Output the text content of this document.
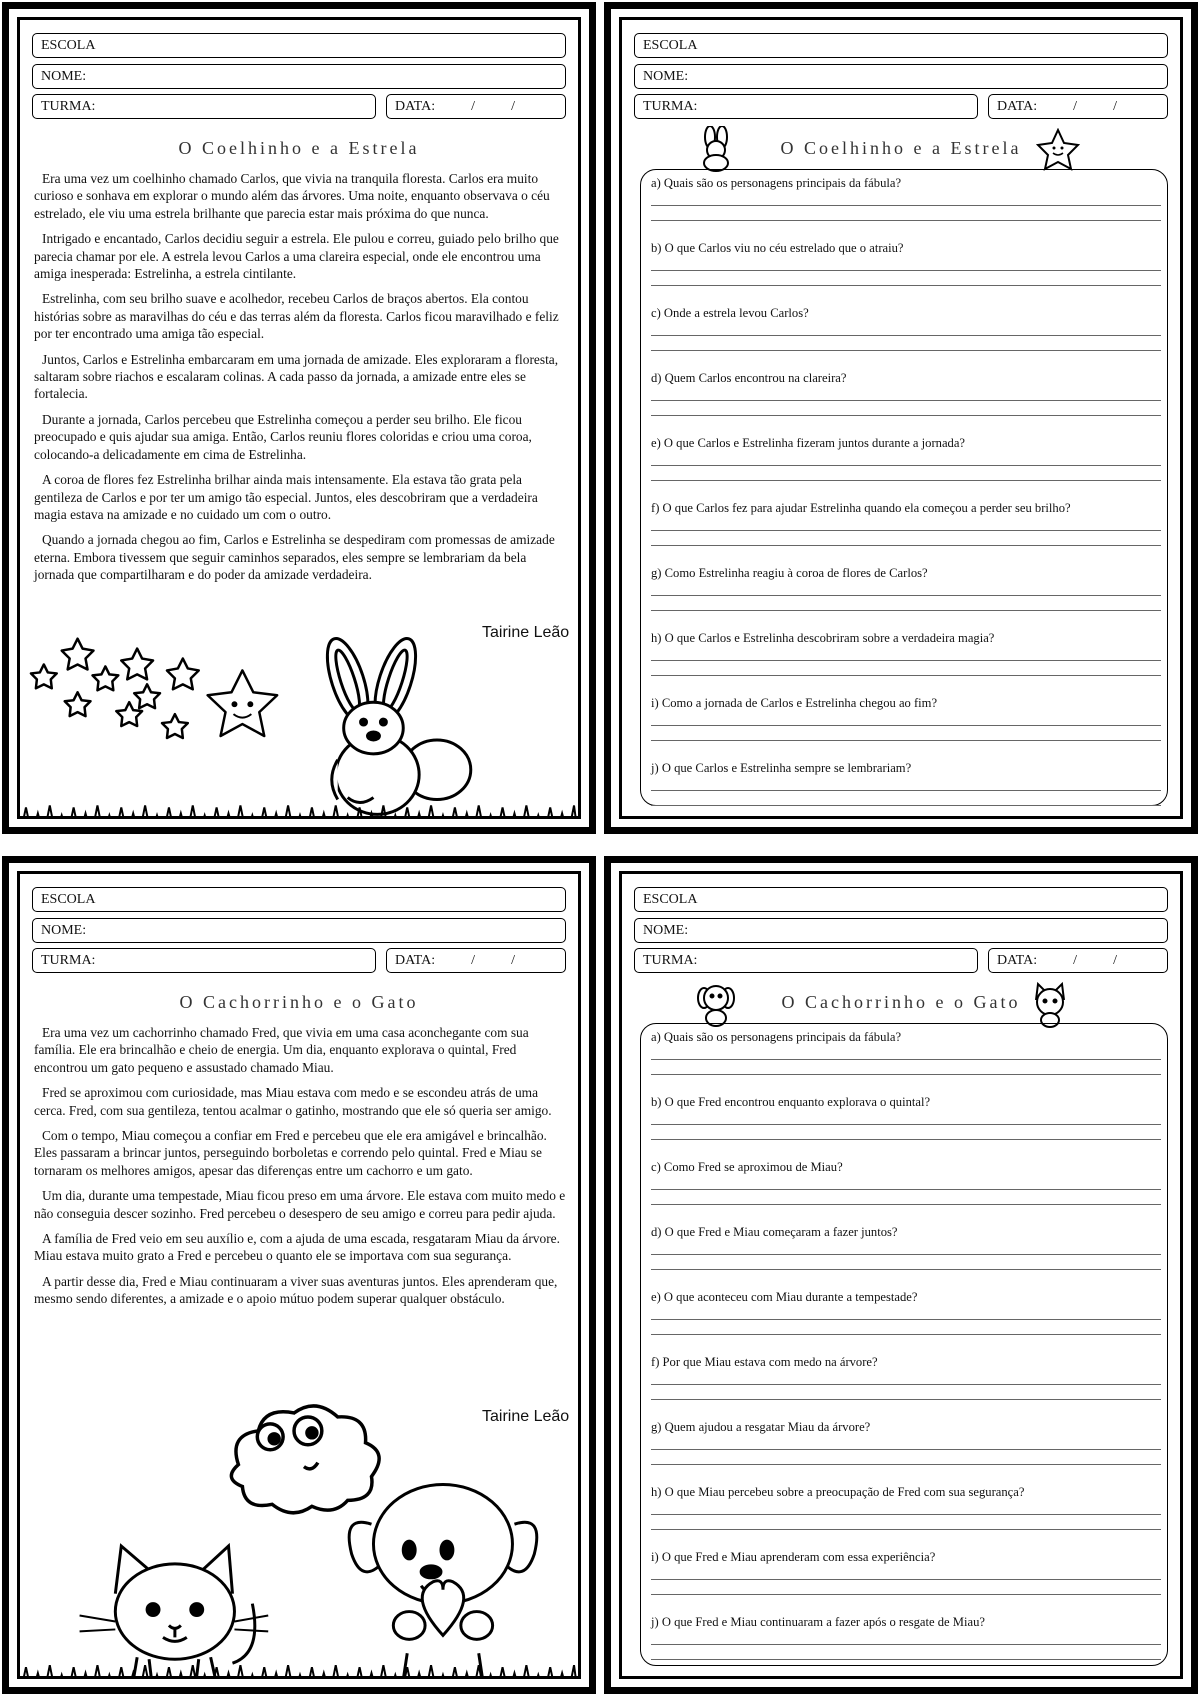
ESCOLA
NOME:
TURMA:	DATA:	/	/
O Coelhinho e a Estrela

Era uma vez um coelhinho chamado Carlos, que vivia na tranquila floresta. Carlos era muito curioso e sonhava em explorar o mundo além das árvores. Uma noite, enquanto observava o céu estrelado, ele viu uma estrela brilhante que parecia estar mais próxima do que nunca.

Intrigado e encantado, Carlos decidiu seguir a estrela. Ele pulou e correu, guiado pelo brilho que parecia chamar por ele. A estrela levou Carlos a uma clareira especial, onde ele encontrou uma amiga inesperada: Estrelinha, a estrela cintilante.

Estrelinha, com seu brilho suave e acolhedor, recebeu Carlos de braços abertos. Ela contou histórias sobre as maravilhas do céu e das terras além da floresta. Carlos ficou maravilhado e feliz por ter encontrado uma amiga tão especial.

Juntos, Carlos e Estrelinha embarcaram em uma jornada de amizade. Eles exploraram a floresta, saltaram sobre riachos e escalaram colinas. A cada passo da jornada, a amizade entre eles se fortalecia.

Durante a jornada, Carlos percebeu que Estrelinha começou a perder seu brilho. Ele ficou preocupado e quis ajudar sua amiga. Então, Carlos reuniu flores coloridas e criou uma coroa, colocando-a delicadamente em cima de Estrelinha.

A coroa de flores fez Estrelinha brilhar ainda mais intensamente. Ela estava tão grata pela gentileza de Carlos e por ter um amigo tão especial. Juntos, eles descobriram que a verdadeira magia estava na amizade e no cuidado um com o outro.

Quando a jornada chegou ao fim, Carlos e Estrelinha se despediram com promessas de amizade eterna. Embora tivessem que seguir caminhos separados, eles sempre se lembrariam da bela jornada que compartilharam e do poder da amizade verdadeira.

Tairine Leão
ESCOLA
NOME:
TURMA:	DATA:	/	/
O Coelhinho e a Estrela
a) Quais são os personagens principais da fábula?
b) O que Carlos viu no céu estrelado que o atraiu?
c) Onde a estrela levou Carlos?
d) Quem Carlos encontrou na clareira?
e) O que Carlos e Estrelinha fizeram juntos durante a jornada?
f) O que Carlos fez para ajudar Estrelinha quando ela começou a perder seu brilho?
g) Como Estrelinha reagiu à coroa de flores de Carlos?
h) O que Carlos e Estrelinha descobriram sobre a verdadeira magia?
i) Como a jornada de Carlos e Estrelinha chegou ao fim?
j) O que Carlos e Estrelinha sempre se lembrariam?
ESCOLA
NOME:
TURMA:	DATA:	/	/
O Cachorrinho e o Gato

Era uma vez um cachorrinho chamado Fred, que vivia em uma casa aconchegante com sua família. Ele era brincalhão e cheio de energia. Um dia, enquanto explorava o quintal, Fred encontrou um gato pequeno e assustado chamado Miau.

Fred se aproximou com curiosidade, mas Miau estava com medo e se escondeu atrás de uma cerca. Fred, com sua gentileza, tentou acalmar o gatinho, mostrando que ele só queria ser amigo.

Com o tempo, Miau começou a confiar em Fred e percebeu que ele era amigável e brincalhão. Eles passaram a brincar juntos, perseguindo borboletas e correndo pelo quintal. Fred e Miau se tornaram os melhores amigos, apesar das diferenças entre um cachorro e um gato.

Um dia, durante uma tempestade, Miau ficou preso em uma árvore. Ele estava com muito medo e não conseguia descer sozinho. Fred percebeu o desespero de seu amigo e correu para pedir ajuda.

A família de Fred veio em seu auxílio e, com a ajuda de uma escada, resgataram Miau da árvore. Miau estava muito grato a Fred e percebeu o quanto ele se importava com sua segurança.

A partir desse dia, Fred e Miau continuaram a viver suas aventuras juntos. Eles aprenderam que, mesmo sendo diferentes, a amizade e o apoio mútuo podem superar qualquer obstáculo.

Tairine Leão
ESCOLA
NOME:
TURMA:	DATA:	/	/
O Cachorrinho e o Gato
a) Quais são os personagens principais da fábula?
b) O que Fred encontrou enquanto explorava o quintal?
c) Como Fred se aproximou de Miau?
d) O que Fred e Miau começaram a fazer juntos?
e) O que aconteceu com Miau durante a tempestade?
f) Por que Miau estava com medo na árvore?
g) Quem ajudou a resgatar Miau da árvore?
h) O que Miau percebeu sobre a preocupação de Fred com sua segurança?
i) O que Fred e Miau aprenderam com essa experiência?
j) O que Fred e Miau continuaram a fazer após o resgate de Miau?
